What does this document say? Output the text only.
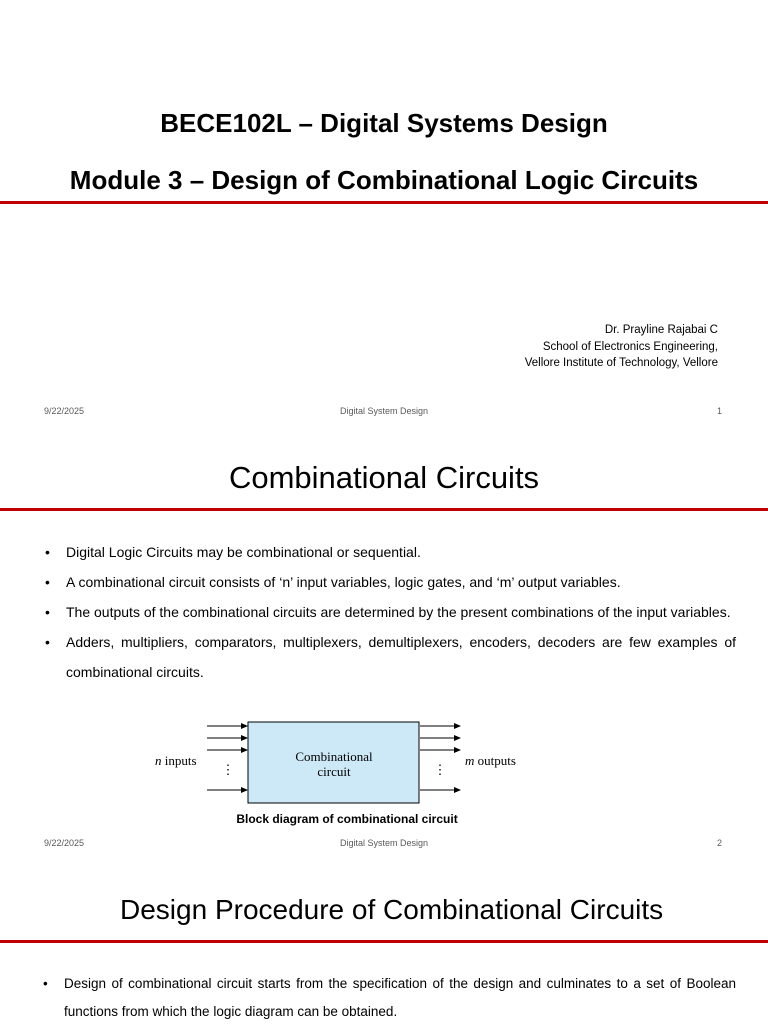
BECE102L – Digital Systems Design
Module 3 – Design of Combinational Logic Circuits
Dr. Prayline Rajabai C
School of Electronics Engineering,
Vellore Institute of Technology, Vellore
9/22/2025	Digital System Design	1
Combinational Circuits
• Digital Logic Circuits may be combinational or sequential.
• A combinational circuit consists of ‘n’ input variables, logic gates, and ‘m’ output variables.
• The outputs of the combinational circuits are determined by the present combinations of the input variables.
• Adders, multipliers, comparators, multiplexers, demultiplexers, encoders, decoders are few examples of combinational circuits.
Combinational
circuit
⋮	⋮
n inputs	m outputs
Block diagram of combinational circuit
9/22/2025	Digital System Design	2
Design Procedure of Combinational Circuits
• Design of combinational circuit starts from the specification of the design and culminates to a set of Boolean functions from which the logic diagram can be obtained.
